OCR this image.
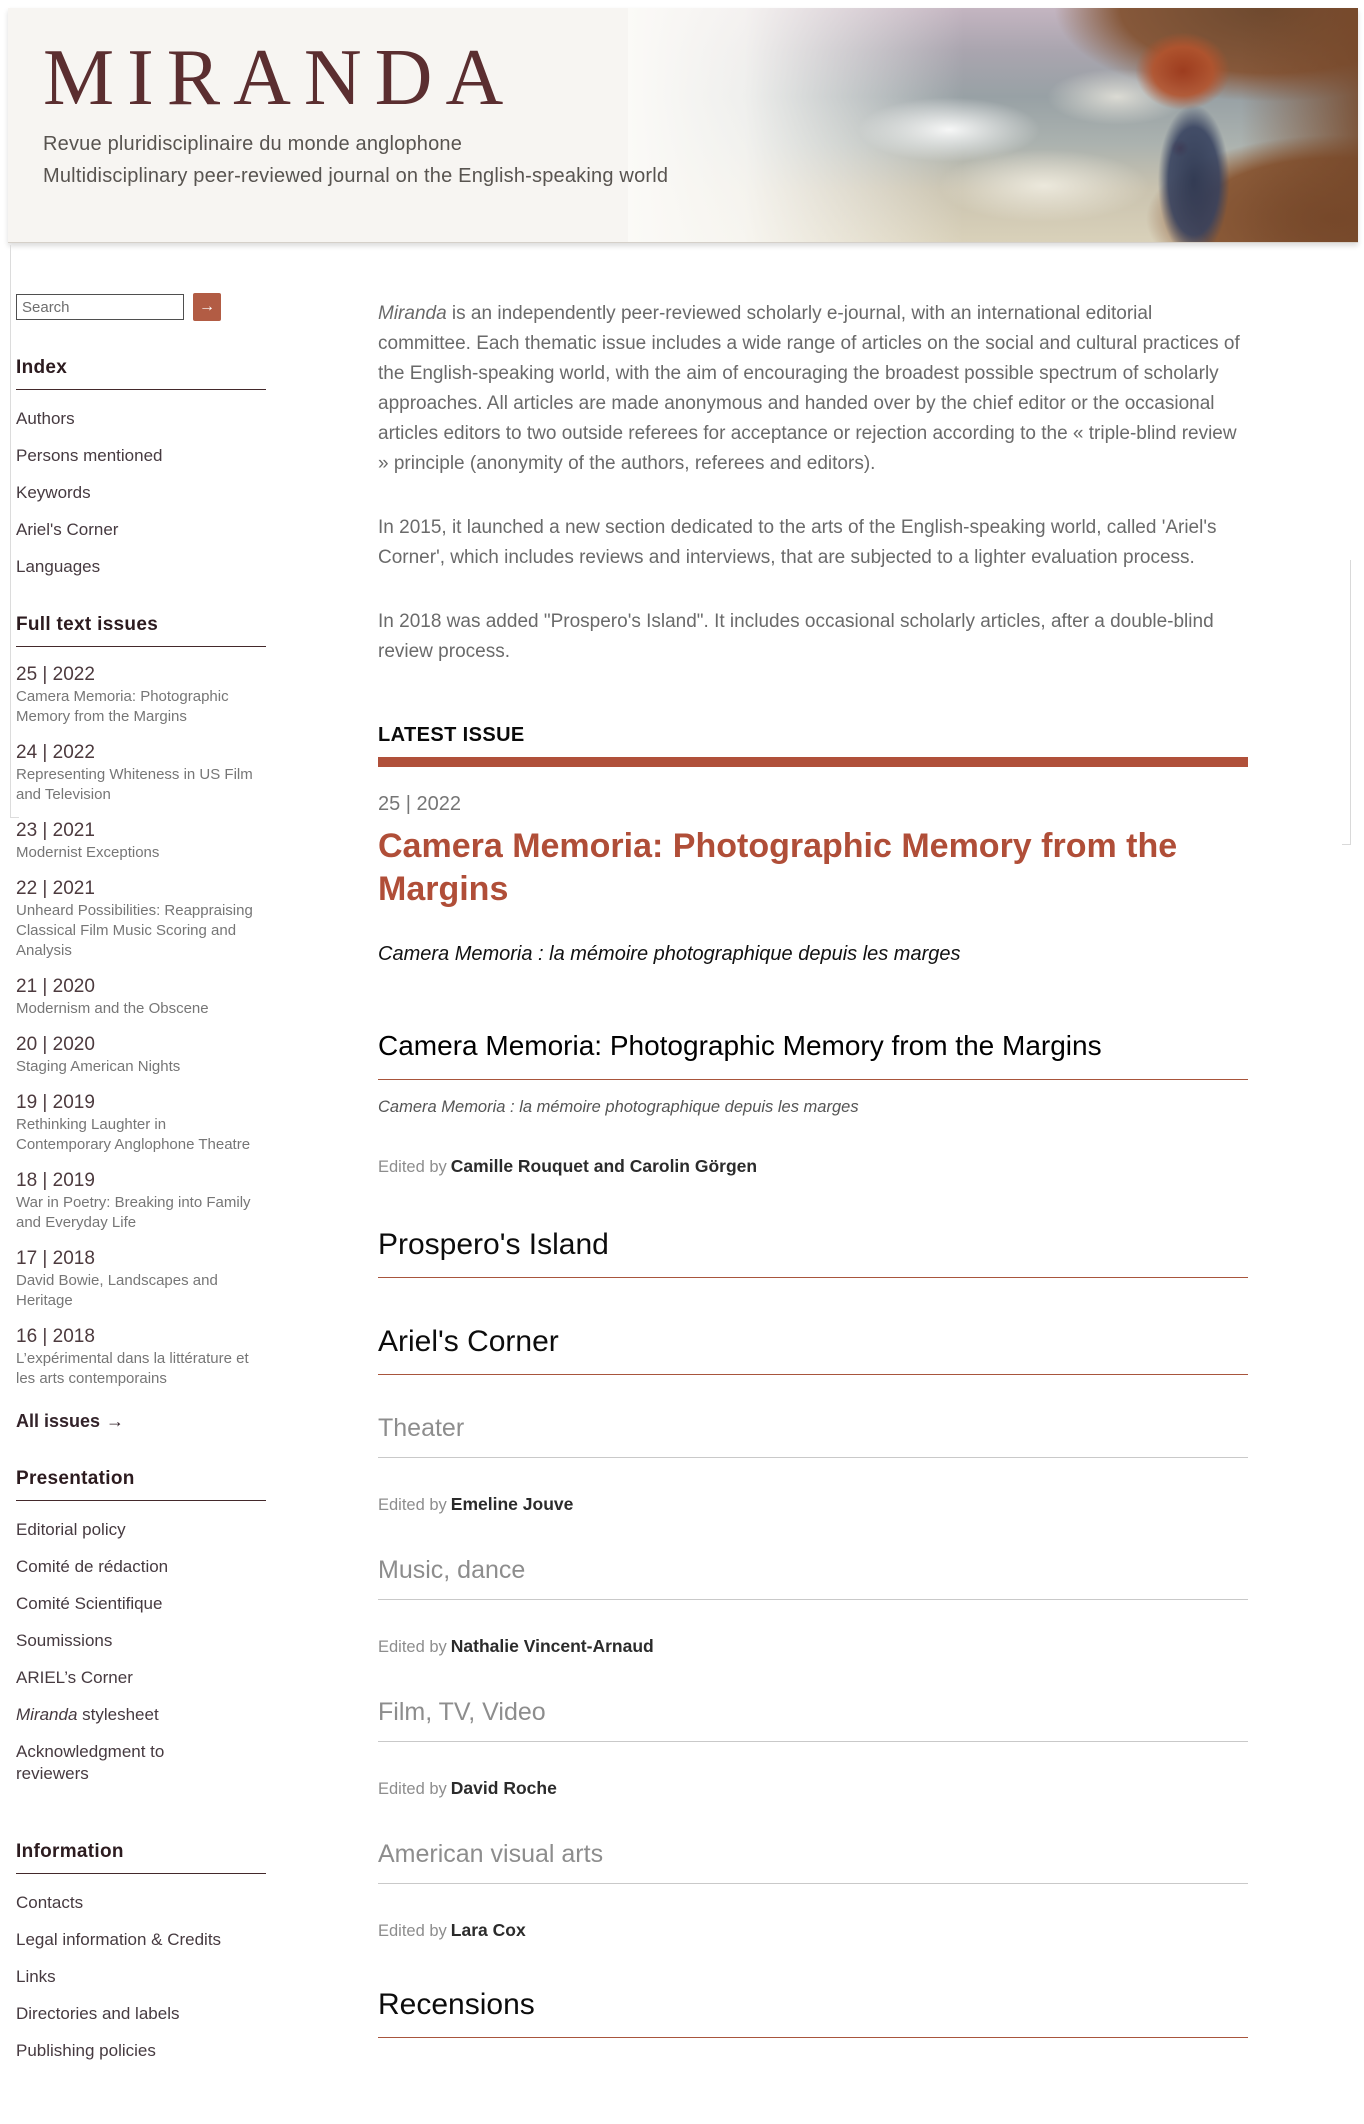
MIRANDA

Revue pluridisciplinaire du monde anglophone

Multidisciplinary peer-reviewed journal on the English-speaking world

Search
→
Index
Authors
Persons mentioned
Keywords
Ariel's Corner
Languages
Full text issues
25 | 2022
Camera Memoria: Photographic Memory from the Margins
24 | 2022
Representing Whiteness in US Film and Television
23 | 2021
Modernist Exceptions
22 | 2021
Unheard Possibilities: Reappraising Classical Film Music Scoring and Analysis
21 | 2020
Modernism and the Obscene
20 | 2020
Staging American Nights
19 | 2019
Rethinking Laughter in Contemporary Anglophone Theatre
18 | 2019
War in Poetry: Breaking into Family and Everyday Life
17 | 2018
David Bowie, Landscapes and Heritage
16 | 2018
L’expérimental dans la littérature et les arts contemporains
All issues →
Presentation
Editorial policy
Comité de rédaction
Comité Scientifique
Soumissions
ARIEL’s Corner
Miranda stylesheet
Acknowledgment to reviewers
Information
Contacts
Legal information & Credits
Links
Directories and labels
Publishing policies

Miranda is an independently peer-reviewed scholarly e-journal, with an international editorial committee. Each thematic issue includes a wide range of articles on the social and cultural practices of the English-speaking world, with the aim of encouraging the broadest possible spectrum of scholarly approaches. All articles are made anonymous and handed over by the chief editor or the occasional articles editors to two outside referees for acceptance or rejection according to the « triple-blind review » principle (anonymity of the authors, referees and editors).

In 2015, it launched a new section dedicated to the arts of the English-speaking world, called 'Ariel's Corner', which includes reviews and interviews, that are subjected to a lighter evaluation process.

In 2018 was added "Prospero's Island". It includes occasional scholarly articles, after a double-blind review process.

LATEST ISSUE
25 | 2022
Camera Memoria: Photographic Memory from the Margins

Camera Memoria : la mémoire photographique depuis les marges

Camera Memoria: Photographic Memory from the Margins

Camera Memoria : la mémoire photographique depuis les marges

Edited by Camille Rouquet and Carolin Görgen

Prospero's Island
Ariel's Corner
Theater

Edited by Emeline Jouve

Music, dance

Edited by Nathalie Vincent-Arnaud

Film, TV, Video

Edited by David Roche

American visual arts

Edited by Lara Cox

Recensions
